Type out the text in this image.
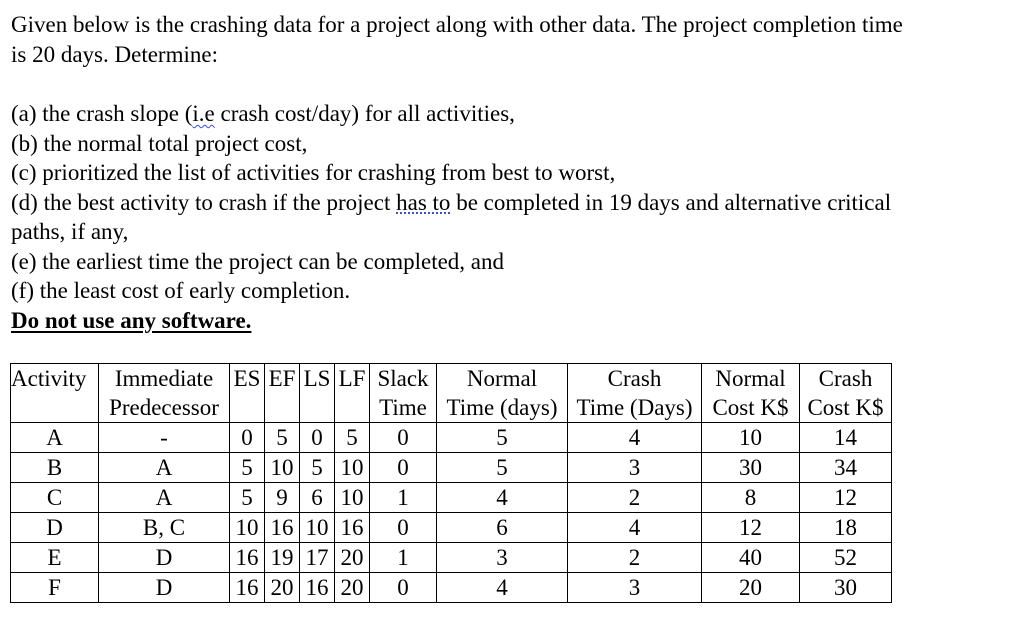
Given below is the crashing data for a project along with other data. The project completion time
is 20 days. Determine:
(a) the crash slope (i.e crash cost/day) for all activities,
(b) the normal total project cost,
(c) prioritized the list of activities for crashing from best to worst,
(d) the best activity to crash if the project has to be completed in 19 days and alternative critical
paths, if any,
(e) the earliest time the project can be completed, and
(f) the least cost of early completion.
Do not use any software.
Activity	Immediate	ES	EF	LS	LF	Slack	Normal	Crash	Normal	Crash
	Predecessor					Time	Time (days)	Time (Days)	Cost K$	Cost K$
A	-	0	5	0	5	0	5	4	10	14
B	A	5	10	5	10	0	5	3	30	34
C	A	5	9	6	10	1	4	2	8	12
D	B, C	10	16	10	16	0	6	4	12	18
E	D	16	19	17	20	1	3	2	40	52
F	D	16	20	16	20	0	4	3	20	30
